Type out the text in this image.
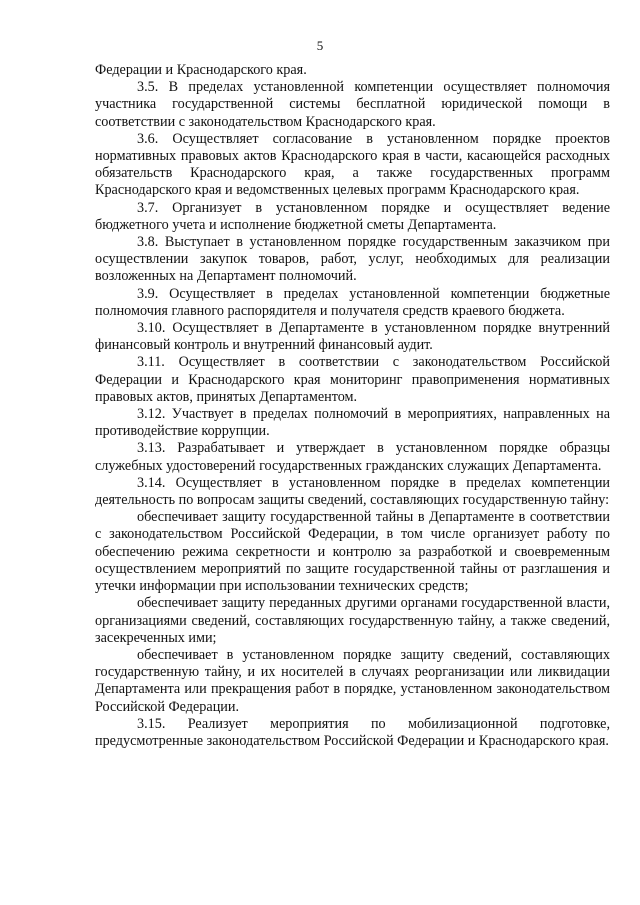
5

Федерации и Краснодарского края.

3.5. В пределах установленной компетенции осуществляет полномочия участника государственной системы бесплатной юридической помощи в соответствии с законодательством Краснодарского края.

3.6. Осуществляет согласование в установленном порядке проектов нормативных правовых актов Краснодарского края в части, касающейся расходных обязательств Краснодарского края, а также государственных программ Краснодарского края и ведомственных целевых программ Краснодарского края.

3.7. Организует в установленном порядке и осуществляет ведение бюджетного учета и исполнение бюджетной сметы Департамента.

3.8. Выступает в установленном порядке государственным заказчиком при осуществлении закупок товаров, работ, услуг, необходимых для реализации возложенных на Департамент полномочий.

3.9. Осуществляет в пределах установленной компетенции бюджетные полномочия главного распорядителя и получателя средств краевого бюджета.

3.10. Осуществляет в Департаменте в установленном порядке внутренний финансовый контроль и внутренний финансовый аудит.

3.11. Осуществляет в соответствии с законодательством Российской Федерации и Краснодарского края мониторинг правоприменения нормативных правовых актов, принятых Департаментом.

3.12. Участвует в пределах полномочий в мероприятиях, направленных на противодействие коррупции.

3.13. Разрабатывает и утверждает в установленном порядке образцы служебных удостоверений государственных гражданских служащих Департамента.

3.14. Осуществляет в установленном порядке в пределах компетенции деятельность по вопросам защиты сведений, составляющих государственную тайну:

обеспечивает защиту государственной тайны в Департаменте в соответствии с законодательством Российской Федерации, в том числе организует работу по обеспечению режима секретности и контролю за разработкой и своевременным осуществлением мероприятий по защите государственной тайны от разглашения и утечки информации при использовании технических средств;

обеспечивает защиту переданных другими органами государственной власти, организациями сведений, составляющих государственную тайну, а также сведений, засекреченных ими;

обеспечивает в установленном порядке защиту сведений, составляющих государственную тайну, и их носителей в случаях реорганизации или ликвидации Департамента или прекращения работ в порядке, установленном законодательством Российской Федерации.

3.15. Реализует мероприятия по мобилизационной подготовке, предусмотренные законодательством Российской Федерации и Краснодарского края.
